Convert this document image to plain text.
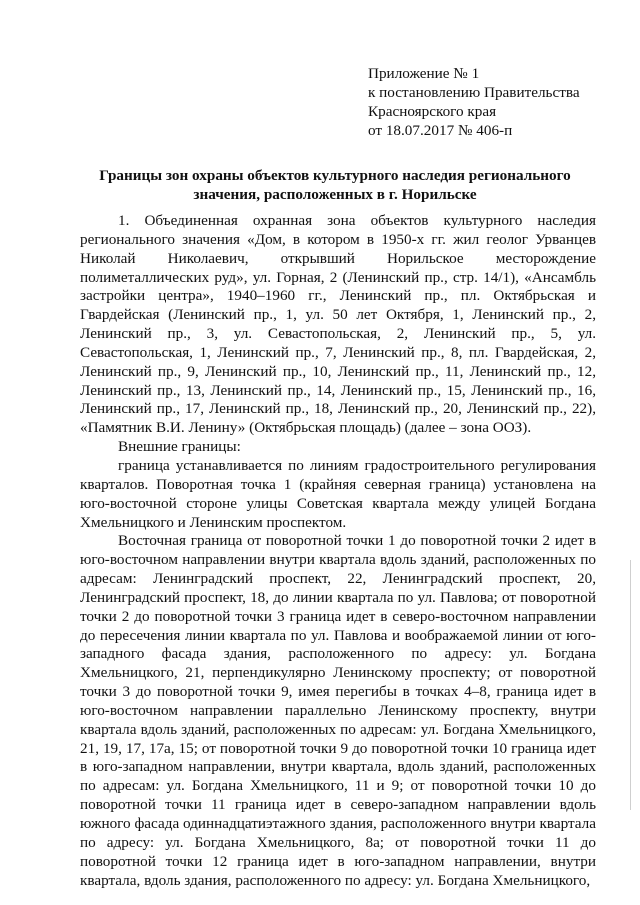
Приложение № 1
к постановлению Правительства
Красноярского края
от 18.07.2017 № 406-п
Границы зон охраны объектов культурного наследия регионального значения, расположенных в г. Норильске

1. Объединенная охранная зона объектов культурного наследия регионального значения «Дом, в котором в 1950-х гг. жил геолог Урванцев Николай Николаевич, открывший Норильское месторождение полиметаллических руд», ул. Горная, 2 (Ленинский пр., стр. 14/1), «Ансамбль застройки центра», 1940–1960 гг., Ленинский пр., пл. Октябрьская и Гвардейская (Ленинский пр., 1, ул. 50 лет Октября, 1, Ленинский пр., 2, Ленинский пр., 3, ул. Севастопольская, 2, Ленинский пр., 5, ул. Севастопольская, 1, Ленинский пр., 7, Ленинский пр., 8, пл. Гвардейская, 2, Ленинский пр., 9, Ленинский пр., 10, Ленинский пр., 11, Ленинский пр., 12, Ленинский пр., 13, Ленинский пр., 14, Ленинский пр., 15, Ленинский пр., 16, Ленинский пр., 17, Ленинский пр., 18, Ленинский пр., 20, Ленинский пр., 22), «Памятник В.И. Ленину» (Октябрьская площадь) (далее – зона ООЗ).

Внешние границы:

граница устанавливается по линиям градостроительного регулирования кварталов. Поворотная точка 1 (крайняя северная граница) установлена на юго-восточной стороне улицы Советская квартала между улицей Богдана Хмельницкого и Ленинским проспектом.

Восточная граница от поворотной точки 1 до поворотной точки 2 идет в юго-восточном направлении внутри квартала вдоль зданий, расположенных по адресам: Ленинградский проспект, 22, Ленинградский проспект, 20, Ленинградский проспект, 18, до линии квартала по ул. Павлова; от поворотной точки 2 до поворотной точки 3 граница идет в северо-восточном направлении до пересечения линии квартала по ул. Павлова и воображаемой линии от юго-западного фасада здания, расположенного по адресу: ул. Богдана Хмельницкого, 21, перпендикулярно Ленинскому проспекту; от поворотной точки 3 до поворотной точки 9, имея перегибы в точках 4–8, граница идет в юго-восточном направлении параллельно Ленинскому проспекту, внутри квартала вдоль зданий, расположенных по адресам: ул. Богдана Хмельницкого, 21, 19, 17, 17а, 15; от поворотной точки 9 до поворотной точки 10 граница идет в юго-западном направлении, внутри квартала, вдоль зданий, расположенных по адресам: ул. Богдана Хмельницкого, 11 и 9; от поворотной точки 10 до поворотной точки 11 граница идет в северо-западном направлении вдоль южного фасада одиннадцатиэтажного здания, расположенного внутри квартала по адресу: ул. Богдана Хмельницкого, 8а; от поворотной точки 11 до поворотной точки 12 граница идет в юго-западном направлении, внутри квартала, вдоль здания, расположенного по адресу: ул. Богдана Хмельницкого,
